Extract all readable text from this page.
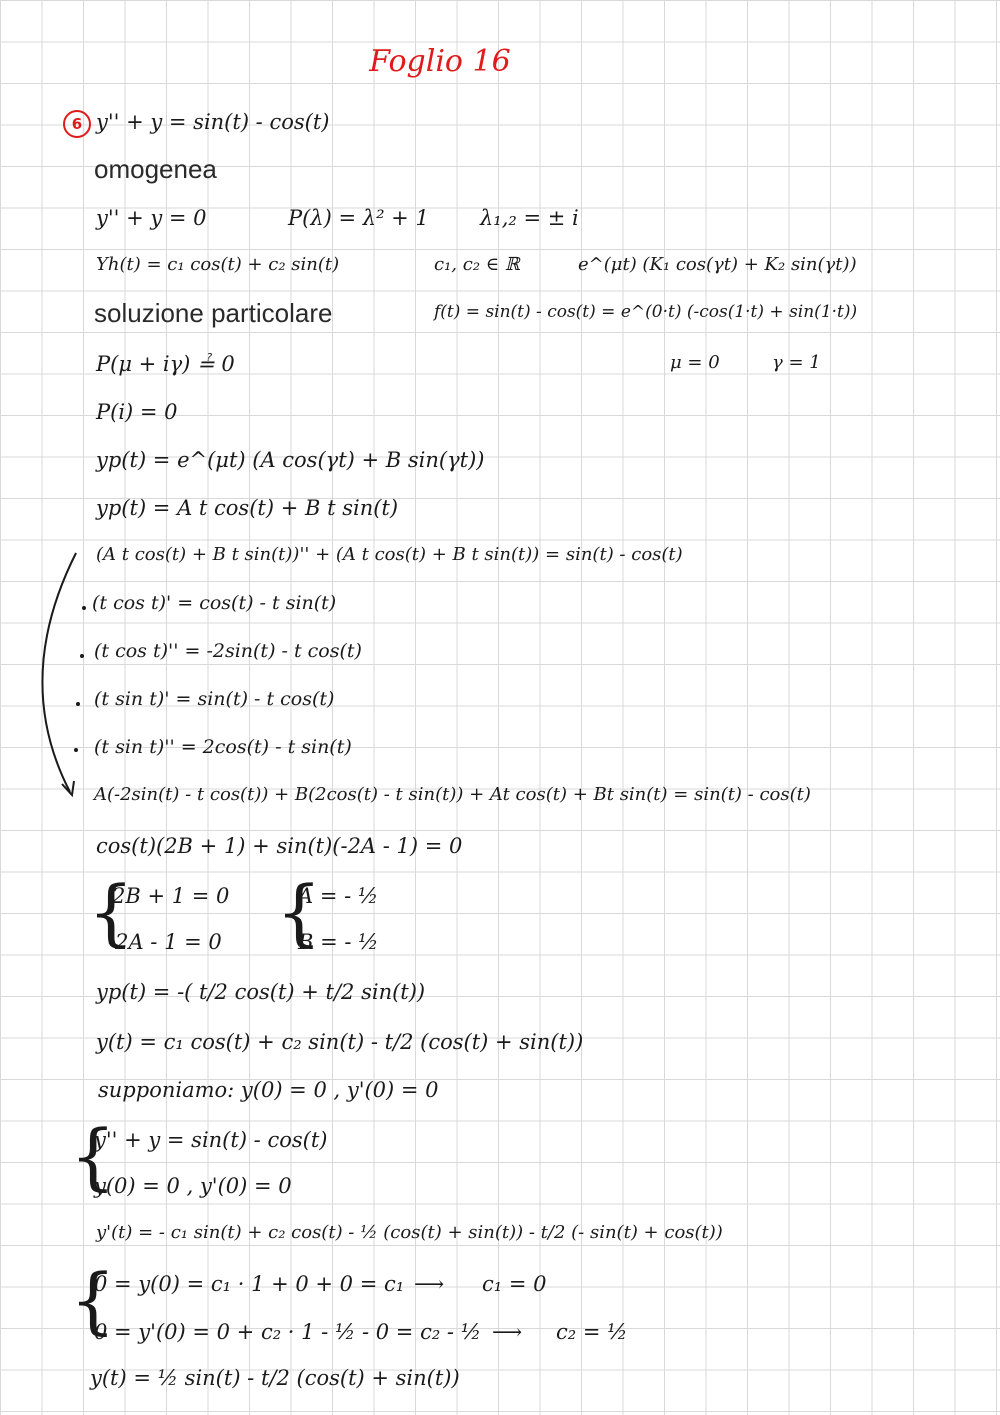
Foglio 16
6 y'' + y = sin(t) - cos(t)
omogenea
y'' + y = 0	P(λ) = λ² + 1 λ₁,₂ = ± i
Yh(t) = c₁ cos(t) + c₂ sin(t)	c₁, c₂ ∈ ℝ	e^(μt) (K₁ cos(γt) + K₂ sin(γt))
soluzione particolare	f(t) = sin(t) - cos(t) = e^(0·t) (-cos(1·t) + sin(1·t))
P(μ + iγ) ≟ 0	μ = 0	γ = 1
P(i) = 0
yp(t) = e^(μt) (A cos(γt) + B sin(γt))
yp(t) = A t cos(t) + B t sin(t)
(A t cos(t) + B t sin(t))'' + (A t cos(t) + B t sin(t)) = sin(t) - cos(t)
(t cos t)' = cos(t) - t sin(t)
(t cos t)'' = -2sin(t) - t cos(t)
(t sin t)' = sin(t) - t cos(t)
(t sin t)'' = 2cos(t) - t sin(t)
A(-2sin(t) - t cos(t)) + B(2cos(t) - t sin(t)) + At cos(t) + Bt sin(t) = sin(t) - cos(t)
cos(t)(2B + 1) + sin(t)(-2A - 1) = 0
{
2B + 1 = 0
-2A - 1 = 0 {
A = - ½
B = - ½
yp(t) = -( t/2 cos(t) + t/2 sin(t))
y(t) = c₁ cos(t) + c₂ sin(t) - t/2 (cos(t) + sin(t))
supponiamo: y(0) = 0 , y'(0) = 0
{
y'' + y = sin(t) - cos(t)
y(0) = 0 , y'(0) = 0
y'(t) = - c₁ sin(t) + c₂ cos(t) - ½ (cos(t) + sin(t)) - t/2 (- sin(t) + cos(t))
{
0 = y(0) = c₁ · 1 + 0 + 0 = c₁ ⟶ c₁ = 0
0 = y'(0) = 0 + c₂ · 1 - ½ - 0 = c₂ - ½ ⟶ c₂ = ½
y(t) = ½ sin(t) - t/2 (cos(t) + sin(t))
